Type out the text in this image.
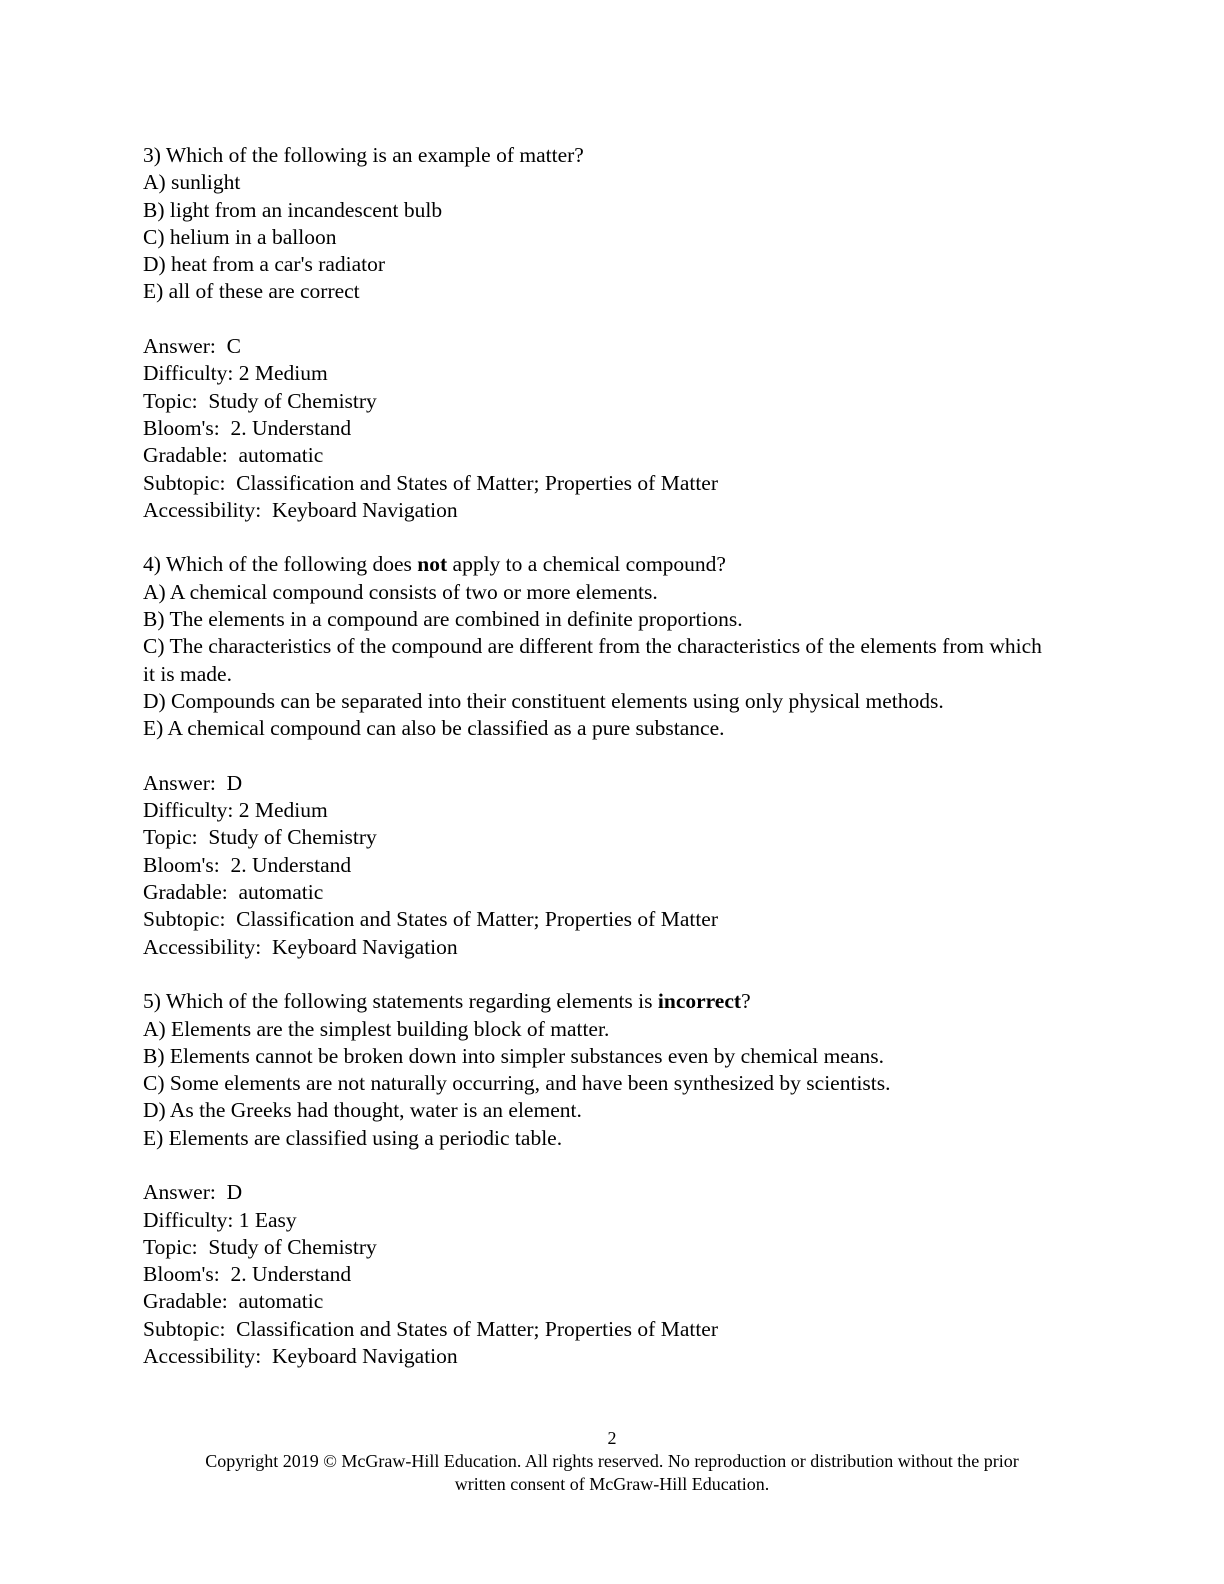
3) Which of the following is an example of matter?

A) sunlight

B) light from an incandescent bulb

C) helium in a balloon

D) heat from a car's radiator

E) all of these are correct

Answer:  C

Difficulty: 2 Medium

Topic:  Study of Chemistry

Bloom's:  2. Understand

Gradable:  automatic

Subtopic:  Classification and States of Matter; Properties of Matter

Accessibility:  Keyboard Navigation

4) Which of the following does not apply to a chemical compound?

A) A chemical compound consists of two or more elements.

B) The elements in a compound are combined in definite proportions.

C) The characteristics of the compound are different from the characteristics of the elements from which it is made.

D) Compounds can be separated into their constituent elements using only physical methods.

E) A chemical compound can also be classified as a pure substance.

Answer:  D

Difficulty: 2 Medium

Topic:  Study of Chemistry

Bloom's:  2. Understand

Gradable:  automatic

Subtopic:  Classification and States of Matter; Properties of Matter

Accessibility:  Keyboard Navigation

5) Which of the following statements regarding elements is incorrect?

A) Elements are the simplest building block of matter.

B) Elements cannot be broken down into simpler substances even by chemical means.

C) Some elements are not naturally occurring, and have been synthesized by scientists.

D) As the Greeks had thought, water is an element.

E) Elements are classified using a periodic table.

Answer:  D

Difficulty: 1 Easy

Topic:  Study of Chemistry

Bloom's:  2. Understand

Gradable:  automatic

Subtopic:  Classification and States of Matter; Properties of Matter

Accessibility:  Keyboard Navigation

2
Copyright 2019 © McGraw-Hill Education. All rights reserved. No reproduction or distribution without the prior
written consent of McGraw-Hill Education.
